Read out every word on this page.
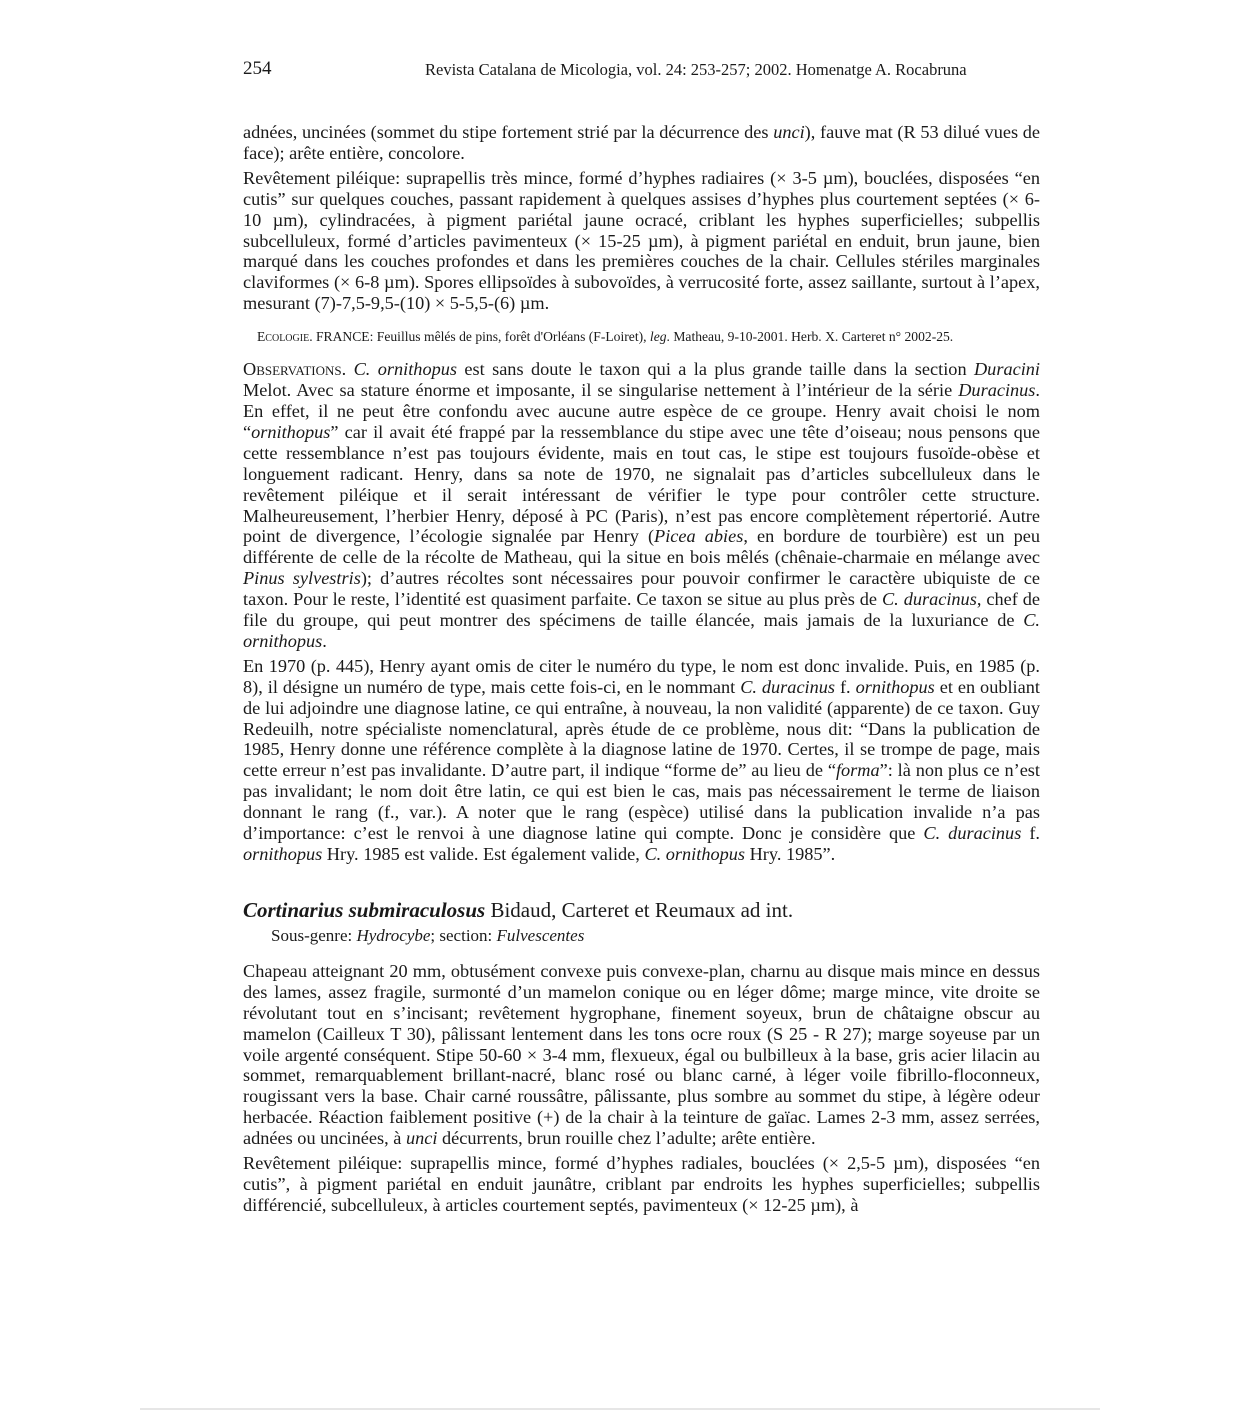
254	Revista Catalana de Micologia, vol. 24: 253-257; 2002. Homenatge A. Rocabruna

adnées, uncinées (sommet du stipe fortement strié par la décurrence des unci), fauve mat (R 53 dilué vues de face); arête entière, concolore.

Revêtement piléique: suprapellis très mince, formé d’hyphes radiaires (× 3-5 µm), bouclées, disposées “en cutis” sur quelques couches, passant rapidement à quelques assises d’hyphes plus courtement septées (× 6-10 µm), cylindracées, à pigment pariétal jaune ocracé, criblant les hyphes superficielles; subpellis subcelluleux, formé d’articles pavimenteux (× 15-25 µm), à pigment pariétal en enduit, brun jaune, bien marqué dans les couches profondes et dans les premières couches de la chair. Cellules stériles marginales claviformes (× 6-8 µm). Spores ellipsoïdes à subovoïdes, à verrucosité forte, assez saillante, surtout à l’apex, mesurant (7)-7,5-9,5-(10) × 5-5,5-(6) µm.

Ecologie. FRANCE: Feuillus mêlés de pins, forêt d'Orléans (F-Loiret), leg. Matheau, 9-10-2001. Herb. X. Carteret n° 2002-25.

Observations. C. ornithopus est sans doute le taxon qui a la plus grande taille dans la section Duracini Melot. Avec sa stature énorme et imposante, il se singularise nettement à l’intérieur de la série Duracinus. En effet, il ne peut être confondu avec aucune autre espèce de ce groupe. Henry avait choisi le nom “ornithopus” car il avait été frappé par la ressemblance du stipe avec une tête d’oiseau; nous pensons que cette ressemblance n’est pas toujours évidente, mais en tout cas, le stipe est toujours fusoïde-obèse et longuement radicant. Henry, dans sa note de 1970, ne signalait pas d’articles subcelluleux dans le revêtement piléique et il serait intéressant de vérifier le type pour contrôler cette structure. Malheureusement, l’herbier Henry, déposé à PC (Paris), n’est pas encore complètement répertorié. Autre point de divergence, l’écologie signalée par Henry (Picea abies, en bordure de tourbière) est un peu différente de celle de la récolte de Matheau, qui la situe en bois mêlés (chênaie-charmaie en mélange avec Pinus sylvestris); d’autres récoltes sont nécessaires pour pouvoir confirmer le caractère ubiquiste de ce taxon. Pour le reste, l’identité est quasiment parfaite. Ce taxon se situe au plus près de C. duracinus, chef de file du groupe, qui peut montrer des spécimens de taille élancée, mais jamais de la luxuriance de C. ornithopus.

En 1970 (p. 445), Henry ayant omis de citer le numéro du type, le nom est donc invalide. Puis, en 1985 (p. 8), il désigne un numéro de type, mais cette fois-ci, en le nommant C. duracinus f. ornithopus et en oubliant de lui adjoindre une diagnose latine, ce qui entraîne, à nouveau, la non validité (apparente) de ce taxon. Guy Redeuilh, notre spécialiste nomenclatural, après étude de ce problème, nous dit: “Dans la publication de 1985, Henry donne une référence complète à la diagnose latine de 1970. Certes, il se trompe de page, mais cette erreur n’est pas invalidante. D’autre part, il indique “forme de” au lieu de “forma”: là non plus ce n’est pas invalidant; le nom doit être latin, ce qui est bien le cas, mais pas nécessairement le terme de liaison donnant le rang (f., var.). A noter que le rang (espèce) utilisé dans la publication invalide n’a pas d’importance: c’est le renvoi à une diagnose latine qui compte. Donc je considère que C. duracinus f. ornithopus Hry. 1985 est valide. Est également valide, C. ornithopus Hry. 1985”.

Cortinarius submiraculosus Bidaud, Carteret et Reumaux ad int.

Sous-genre: Hydrocybe; section: Fulvescentes

Chapeau atteignant 20 mm, obtusément convexe puis convexe-plan, charnu au disque mais mince en dessus des lames, assez fragile, surmonté d’un mamelon conique ou en léger dôme; marge mince, vite droite se révolutant tout en s’incisant; revêtement hygrophane, finement soyeux, brun de châtaigne obscur au mamelon (Cailleux T 30), pâlissant lentement dans les tons ocre roux (S 25 - R 27); marge soyeuse par un voile argenté conséquent. Stipe 50-60 × 3-4 mm, flexueux, égal ou bulbilleux à la base, gris acier lilacin au sommet, remarquablement brillant-nacré, blanc rosé ou blanc carné, à léger voile fibrillo-floconneux, rougissant vers la base. Chair carné roussâtre, pâlissante, plus sombre au sommet du stipe, à légère odeur herbacée. Réaction faiblement positive (+) de la chair à la teinture de gaïac. Lames 2-3 mm, assez serrées, adnées ou uncinées, à unci décurrents, brun rouille chez l’adulte; arête entière.

Revêtement piléique: suprapellis mince, formé d’hyphes radiales, bouclées (× 2,5-5 µm), disposées “en cutis”, à pigment pariétal en enduit jaunâtre, criblant par endroits les hyphes superficielles; subpellis différencié, subcelluleux, à articles courtement septés, pavimenteux (× 12-25 µm), à
